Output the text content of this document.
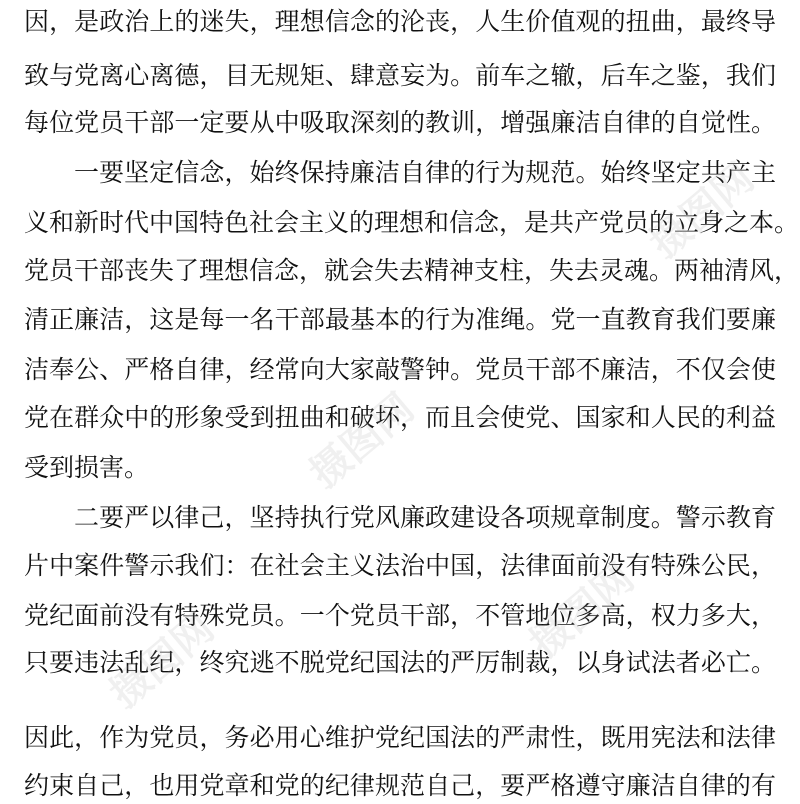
因，是政治上的迷失，理想信念的沦丧，人生价值观的扭曲，最终导
致与党离心离德，目无规矩、肆意妄为。前车之辙，后车之鉴，我们
每位党员干部一定要从中吸取深刻的教训，增强廉洁自律的自觉性。
一要坚定信念，始终保持廉洁自律的行为规范。始终坚定共产主
义和新时代中国特色社会主义的理想和信念，是共产党员的立身之本。
党员干部丧失了理想信念，就会失去精神支柱，失去灵魂。两袖清风，
清正廉洁，这是每一名干部最基本的行为准绳。党一直教育我们要廉
洁奉公、严格自律，经常向大家敲警钟。党员干部不廉洁，不仅会使
党在群众中的形象受到扭曲和破坏，而且会使党、国家和人民的利益
受到损害。
二要严以律己，坚持执行党风廉政建设各项规章制度。警示教育
片中案件警示我们：在社会主义法治中国，法律面前没有特殊公民，
党纪面前没有特殊党员。一个党员干部，不管地位多高，权力多大，
只要违法乱纪，终究逃不脱党纪国法的严厉制裁，以身试法者必亡。
因此，作为党员，务必用心维护党纪国法的严肃性，既用宪法和法律
约束自己，也用党章和党的纪律规范自己，要严格遵守廉洁自律的有
摄图网
摄图网
摄图网
摄图网
